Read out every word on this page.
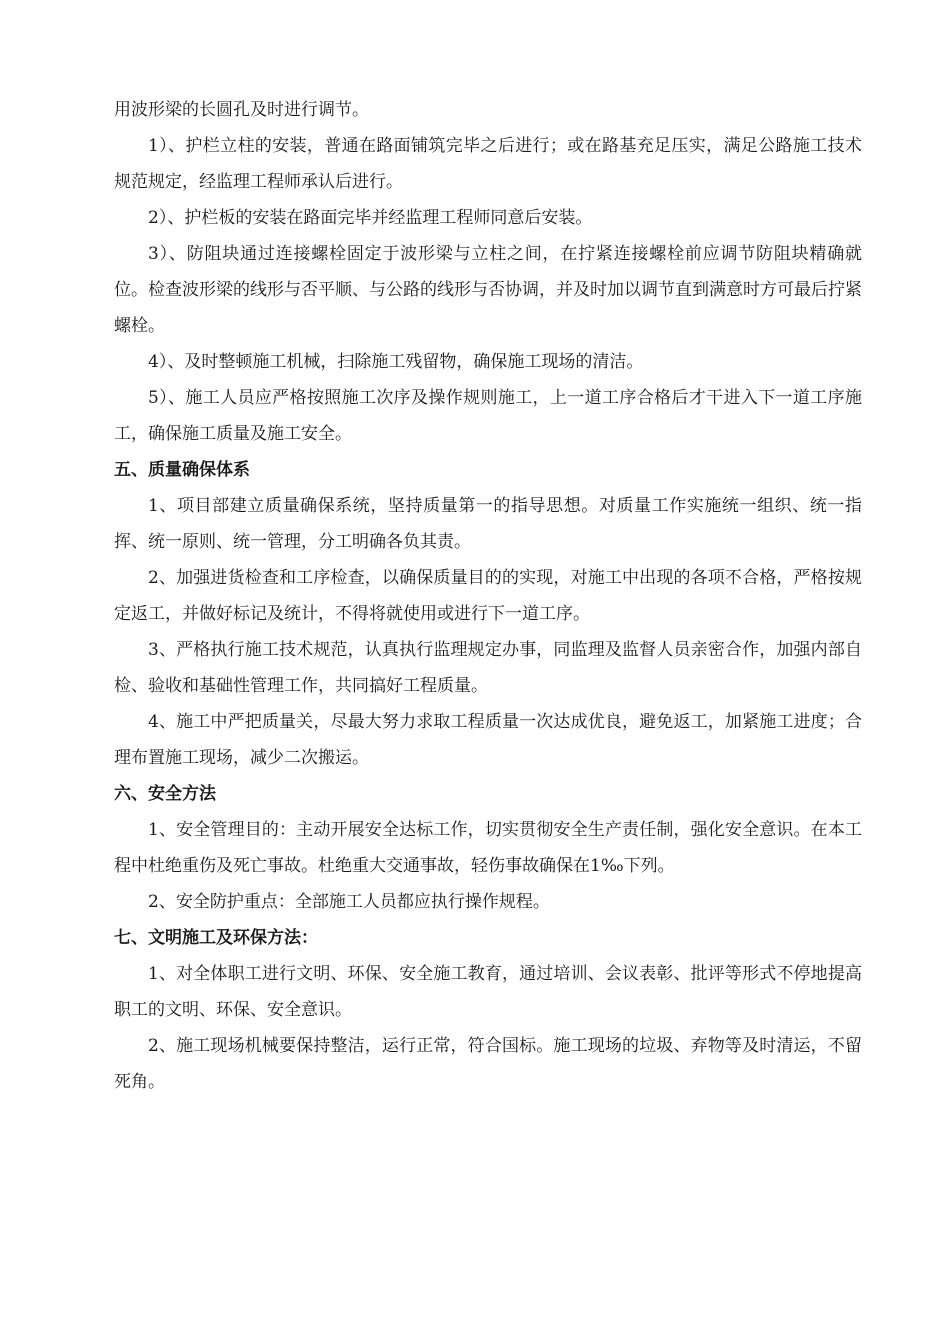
用波形梁的长圆孔及时进行调节。

1）、护栏立柱的安装，普通在路面铺筑完毕之后进行；或在路基充足压实，满足公路施工技术规范规定，经监理工程师承认后进行。

2）、护栏板的安装在路面完毕并经监理工程师同意后安装。

3）、防阻块通过连接螺栓固定于波形梁与立柱之间，在拧紧连接螺栓前应调节防阻块精确就位。检查波形梁的线形与否平顺、与公路的线形与否协调，并及时加以调节直到满意时方可最后拧紧螺栓。

4）、及时整顿施工机械，扫除施工残留物，确保施工现场的清洁。

5）、施工人员应严格按照施工次序及操作规则施工，上一道工序合格后才干进入下一道工序施工，确保施工质量及施工安全。

五、质量确保体系

1、项目部建立质量确保系统，坚持质量第一的指导思想。对质量工作实施统一组织、统一指挥、统一原则、统一管理，分工明确各负其责。

2、加强进货检查和工序检查，以确保质量目的的实现，对施工中出现的各项不合格，严格按规定返工，并做好标记及统计，不得将就使用或进行下一道工序。

3、严格执行施工技术规范，认真执行监理规定办事，同监理及监督人员亲密合作，加强内部自检、验收和基础性管理工作，共同搞好工程质量。

4、施工中严把质量关，尽最大努力求取工程质量一次达成优良，避免返工，加紧施工进度；合理布置施工现场，减少二次搬运。

六、安全方法

1、安全管理目的：主动开展安全达标工作，切实贯彻安全生产责任制，强化安全意识。在本工程中杜绝重伤及死亡事故。杜绝重大交通事故，轻伤事故确保在1‰下列。

2、安全防护重点：全部施工人员都应执行操作规程。

七、文明施工及环保方法：

1、对全体职工进行文明、环保、安全施工教育，通过培训、会议表彰、批评等形式不停地提高职工的文明、环保、安全意识。

2、施工现场机械要保持整洁，运行正常，符合国标。施工现场的垃圾、弃物等及时清运，不留死角。
